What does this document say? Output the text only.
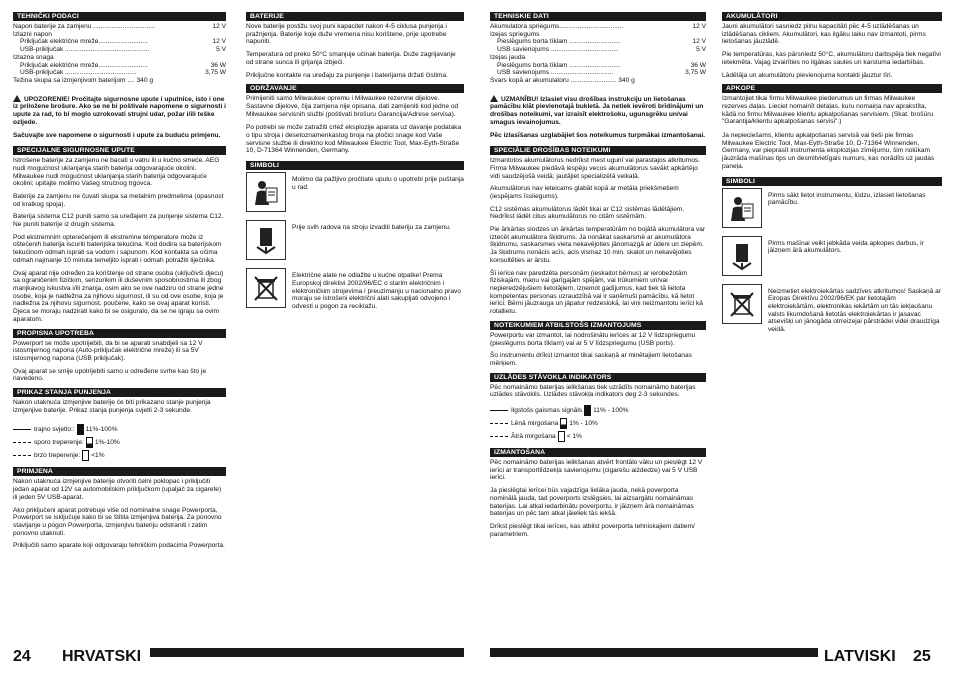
TEHNIČKI PODACI
Napon baterije za zamjenu ..................................	12 V
Izlazni napon
Priključak električne mreže...........................	12 V
USB-priključak ..............................................	5 V
Izlazna snaga
Priključak električne mreže...........................	36 W
USB-priključak .......................................	3,75 W
Težina skupa sa izmjenjivom baterijom .... 340 g

UPOZORENIE! Pročitajte sigurnosne upute i uputnice, isto i one iz priložene brošure. Ako se ne bi poštivale napomene o sigurnosti i upute za rad, to bi moglo uzrokovati strujni udar, požar i/ili teške ozljede.

Sačuvajte sve napomene o sigurnosti i upute za buduću primjenu.

SPECIJALNE SIGURNOSNE UPUTE

Istrošene baterije za zamjenu ne bacati u vatru ili u kućno smeće. AEG nudi mogućnost uklanjanja starih baterija odgovarajuće okolini. Milwaukee nudi mogućnost uklanjanja starih baterija odgovarajuće okolini; upitajte molimo Vašeg stručnog trgovca.

Baterije za zamjenu ne čuvati skupa sa metalnim predmetima (opasnost od kratkog spoja).

Baterija sistema C12 puniti samo sa uređajem za punjenje sistema C12. Ne puniti baterije iz drugih sistema.

Pod ekstremnim opterećenjem ili ekstremne temperature može iz oštećenih baterija iscuriti baterijska tekućina. Kod dodira sa baterijskom tekućinom odmah isprati sa vodom i sapunom. Kod kontakta sa očima odmah najmanje 10 minuta temeljito isprati i odmah potražiti liječnika.

Ovaj aparat nije određen za korištenje od strane osoba (uključivši djecu) sa ograničenim fizičkim, senzorikim ili duševnim sposobnostima ili zbog manjkavog iskustva i/ili znanja, osim ako se ove nadziru od strane jedne osobe, koja je nadležna za njihovu sigurnost, ili su od ove osobe, koja je nadležna za njihovu sigurnost, poučene, kako se ovaj aparat koristi. Djeca se moraju nadzirati kako bi se osiguralo, da se ne igraju sa ovim aparatom.

PROPISNA UPOTREBA

Powerport se može upotrijebiti, da bi se aparati snabdjeli sa 12 V istosmjernog napona (Auto-priključak električne mreže) ili sa 5V istosmjernog napona (USB priključak).

Ovaj aparat se smije upotrijebiti samo u određene svrhe kao što je navedeno.

PRIKAZ STANJA PUNJENJA

Nakon utaknuća izmjenjive baterije će biti prikazano stanje punjenja izmjenjive baterije. Prikaz stanja punjenja svjetli 2-3 sekunde.

trajno svjetlo:: 11%-100%
sporo treperenje: 1%-10%
brzo treperenje: <1%
PRIMJENA

Nakon utaknuća izmjenjive baterije otvoriti čelni poklopac i priključiti jedan aparat od 12V sa automobilskim priključkom (upaljač za cigarete) ili jeden 5V USB-aparat.

Ako priključeni aparat potrebuje više od nominalne snage Powerporta, Powerport se isključuje kako bi se štitila izmjenjiva baterija. Za ponovno stavljanje u pogon Powerporta, izmjenjivu bateriju odstraniti i zatim ponovno utaknuti.

Priključiti samo aparate koji odgovaraju tehničkim podacima Powerporta.

BATERIJE

Nove baterije postižu svoj puni kapacitet nakon 4-5 ciklusa punjenja i pražnjenja. Baterije koje duže vremena nisu korištene, prije upotrebe napuniti.

Temperatura od preko 50°C smanjuje učinak baterija. Duže zagrijavanje od strane sunca ili grijanja izbjeći.

Priključne kontakte na uređaju za punjenje i baterijama držati čistima.

ODRŽAVANJE

Primijeniti samo Milwaukee opremu i Milwaukee rezervne dijelove. Sastavne dijelove, čija zamjena nije opisana, dati zamijeniti kod jedne od Milwaukee servisnih službi (poštivati brošuru Garancija/Adrese servisa).

Po potrebi se može zatražiti crtež eksplozije aparata uz davanje podataka o tipu stroja i desetoznamenkastog broja na pločici snage kod Vaše servisne službe ili direktno kod Milwaukee Electric Tool, Max-Eyth-Straße 10, D-71364 Winnenden, Germany.

SIMBOLI
Molimo da pažljivo pročitate uputu o upotrebi prije puštanja u rad.
Prije svih radova na stroju izvaditi bateriju za zamjenu.
Električne alate ne odlažite u kućne otpatke! Prema Europskoj direktivi 2002/96/EC o starim električnim i elektroničkim strojevima i preuzimanju u nacionalno pravo moraju se istrošeni električni alati sakupljati odvojeno i odvesti u pogon za reciklažu.
TEHNISKIE DATI
Akumulatora spriegums...................................	12 V
Izejas spriegums
Pieslēgums borta tīklam ............................	12 V
USB savienojums .....................................	5 V
Izejas jauda
Pieslēgums borta tīklam ............................	36 W
USB savienojums ..................................	3,75 W
Svars kopā ar akumulatoru ......................... 340 g

UZMANĪBU! Izlasiet visu drošības instrukciju un lietošanas pamācību klāt pievienotajā bukletā. Ja netiek ievēroti brīdinājumi un drošības noteikumi, var izraisīt elektrošoku, ugunsgrēku un/vai smagus ievainojumus.

Pēc izlasīšanas uzglabājiet šos noteikumus turpmākai izmantošanai.

SPECIĀLIE DROŠĪBAS NOTEIKUMI

Izmantotos akumulātorus nedrīkst mest ugunī vai parastajos atkritumos. Firma Milwaukee piedāvā iespēju vecos akumulātorus savākt apkārtējo vidi saudzējošā veidā; jautājiet specializētā veikalā.

Akumulātorus nav ieteicams glabāt kopā ar metāla priekšmetiem (iespējams īssliegums).

C12 sistēmas akumulātorus lādēt tikai ar C12 sistēmas lādētājiem. Nedrīkst lādēt citus akumulātorus no citām sistēmām.

Pie ārkārtas slodzes un ārkārtas temperatūrām no bojātā akumulātora var iztecēt akumulātora šķidrums. Ja nonākat saskarsmē ar akumulātora šķidrumu, saskarsmes vieta nekavējoties jānomazgā ar ūdeni un ziepēm. Ja šķidrums nonācis acīs, acis vismaz 10 min. skalot un nekavējoties konsultēties ar ārstu.

Šī ierīce nav paredzēta personām (ieskaitot bērnus) ar ierobežotām fiziskajām, maņu vai garīgajām spējām, vai trūkumiem un/vai nepieredzējušiem lietotājiem, izņemot gadījumus, kad tiek tā lietota kompetentas personas uzraudzībā vai ir saņēmuši pamācību, kā lietot ierīci. Bērni jāuzrauga un jāpatur redzeslokā, lai viņi neizmantotu ierīci kā rotaļlietu.

NOTEIKUMIEM ATBILSTOŠS IZMANTOJUMS

Powerportu var izmantot, lai nodrošinātu ierīces ar 12 V līdzspriegumu (pieslēgums borta tīklam) vai ar 5 V līdzspriegumu (USB ports).

Šo instrumentu drīkst izmantot tikai saskaņā ar minētajiem lietošanas mērķiem.

UZLĀDES STĀVOKĻA INDIKATORS

Pēc nomaināmo baterijas ielikšanas tiek uzrādīts nomaināmo baterijas uzlādes stāvoklis. Uzlādes stāvokļa indikators deg 2-3 sekundes.

Ilgstošs gaismas signāls 11% - 100%
Lēnā mirgošana 1% - 10%
Ātrā mirgošana < 1%
IZMANTOŠANA

Pēc nomaināmo baterijas ielikšanas atvērt frontālo vāku un pieslēgt 12 V ierīci ar transportlīdzekļa savienojumu (cigarešu aizdedze) vai 5 V USB ierīci.

Ja pieslēgtai ierīcei būs vajadzīga lielāka jauda, nekā poverporta nominālā jauda, tad poverports izslēgsies, lai aizsargātu nomaināmas baterijas. Lai atkal iedarbinātu poverportu, ir jāizņem ārā nomaināmas baterijas un pēc tam atkal jāieliek tās iekšā.

Drīkst pieslēgt tikai ierīces, kas atbilst poverporta tehniskajiem datiem/ parametriem.

AKUMULĀTORI

Jauni akumulātori sasniedz pilnu kapacitāti pēc 4-5 uzlādēšanas un izlādēšanas cikliem. Akumulātori, kas ilgāku laiku nav izmantoti, pirms lietošanas jāuzlādē.

Pie temperatūras, kas pārsniedz 50°C, akumulātoru darbspēja tiek negatīvi ietekmēta. Vajag izvairīties no ilgākas saules un karstuma iedarbības.

Lādētāja un akumulātoru pievienojuma kontakti jāuztur tīri.

APKOPE

Izmantojiet tikai firmu Milwaukee piederumus un firmas Milwaukee rezerves daļas. Lieciet nomainīt detaļas, kuru nomaiņa nav aprakstīta, kādā no firmu Milwaukee klientu apkalpošanas servisiem. (Skat. brošūru "Garantija/klientu apkalpošanas servisi".)

Ja nepieciešams, klientu apkalpošanas servisā vai tieši pie firmas Milwaukee Electric Tool, Max-Eyth-Straße 10, D-71364 Winnenden, Germany, var pieprasīt instrumenta eksplozijas zīmējumu, šim nolūkam jāuzrāda mašīnas tips un desmitvietīgais numurs, kas norādīts uz jaudas paneļa.

SIMBOLI
Pirms sākt lietot instrumentu, lūdzu, izlasiet lietošanas pamācību.
Pirms mašīnai veikt jebkāda veida apkopes darbus, ir jāizņem ārā akumulātors.
Neizmetiet elektroiekārtas sadzīves atkritumos! Saskaņā ar Eiropas Direktīvu 2002/96/EK par lietotajām elektroiekārtām, elektronikas iekārtām un tās iekļaušanu valsts likumdošanā lietotās elektroiekārtas ir jasavac atsevišķi un jānogāda otrreizejai pārstrādei videi draudzīga veidā.
24	HRVATSKI	LATVISKI 25
